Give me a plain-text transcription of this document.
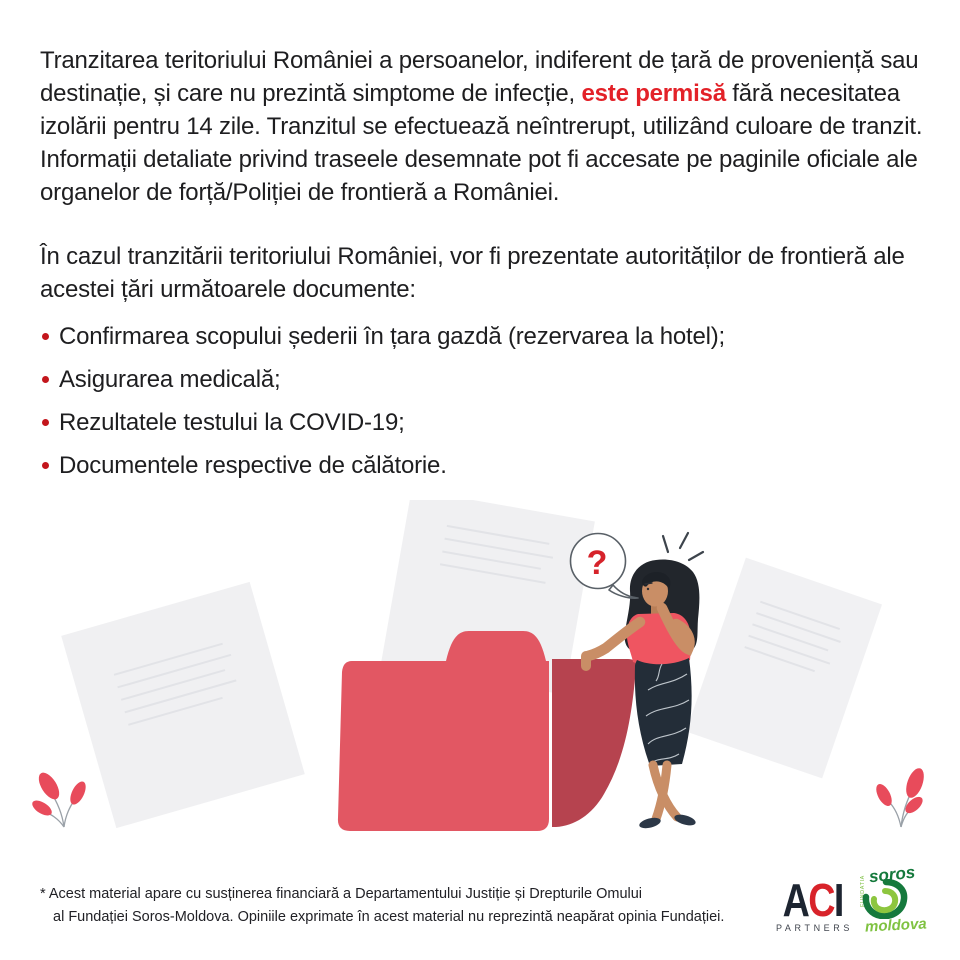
Tranzitarea teritoriului României a persoanelor, indiferent de țară de proveniență sau destinație, și care nu prezintă simptome de infecție, este permisă fără necesitatea izolării pentru 14 zile. Tranzitul se efectuează neîntrerupt, utilizând culoare de tranzit. Informații detaliate privind traseele desemnate pot fi accesate pe paginile oficiale ale organelor de forță/Poliției de frontieră a României.

În cazul tranzitării teritoriului României, vor fi prezentate autorităților de frontieră ale acestei țări următoarele documente:

Confirmarea scopului șederii în țara gazdă (rezervarea la hotel);
Asigurarea medicală;
Rezultatele testului la COVID-19;
Documentele respective de călătorie.
?
* Acest material apare cu susținerea financiară a Departamentului Justiție și Drepturile Omului
al Fundației Soros-Moldova. Opiniile exprimate în acest material nu reprezintă neapărat opinia Fundației. ACI
PARTNERS
FUNDATIA
soros
moldova
